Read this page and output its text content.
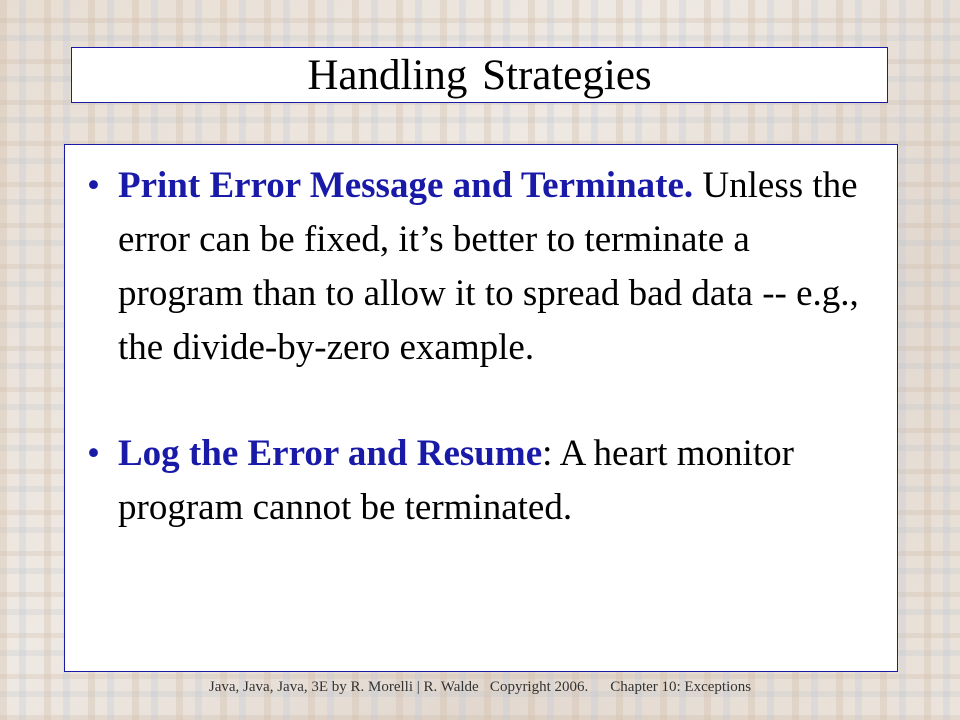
Handling Strategies
• Print Error Message and Terminate. Unless the error can be fixed, it’s better to terminate a program than to allow it to spread bad data -- e.g., the divide-by-zero example.
• Log the Error and Resume: A heart monitor program cannot be terminated.
Java, Java, Java, 3E by R. Morelli | R. Walde   Copyright 2006. Chapter 10: Exceptions
